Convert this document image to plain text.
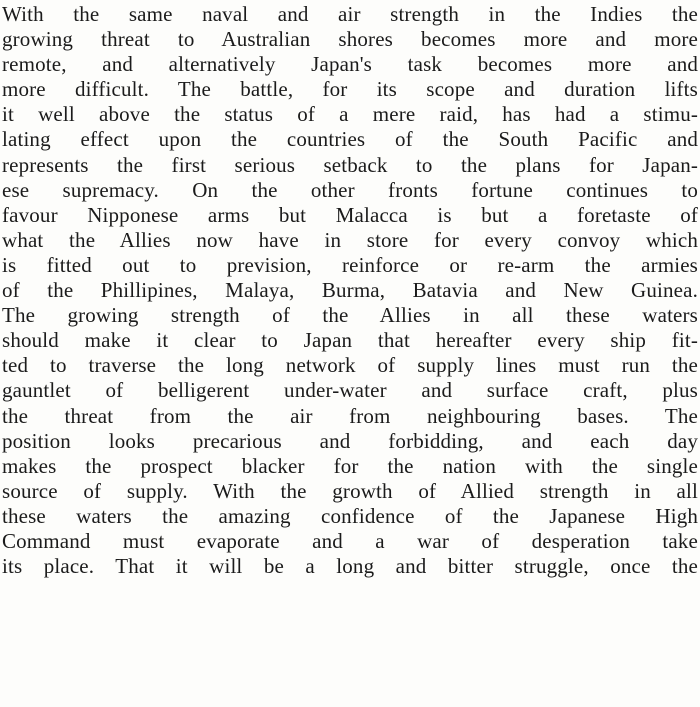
With the same naval and air strength in the Indies the
growing threat to Australian shores becomes more and more
remote, and alternatively Japan's task becomes more and
more difficult. The battle, for its scope and duration lifts
it well above the status of a mere raid, has had a stimu-
lating effect upon the countries of the South Pacific and
represents the first serious setback to the plans for Japan-
ese supremacy. On the other fronts fortune continues to
favour Nipponese arms but Malacca is but a foretaste of
what the Allies now have in store for every convoy which
is fitted out to prevision, reinforce or re-arm the armies
of the Phillipines, Malaya, Burma, Batavia and New Guinea.
The growing strength of the Allies in all these waters
should make it clear to Japan that hereafter every ship fit-
ted to traverse the long network of supply lines must run the
gauntlet of belligerent under-water and surface craft, plus
the threat from the air from neighbouring bases. The
position looks precarious and forbidding, and each day
makes the prospect blacker for the nation with the single
source of supply. With the growth of Allied strength in all
these waters the amazing confidence of the Japanese High
Command must evaporate and a war of desperation take
its place. That it will be a long and bitter struggle, once the
